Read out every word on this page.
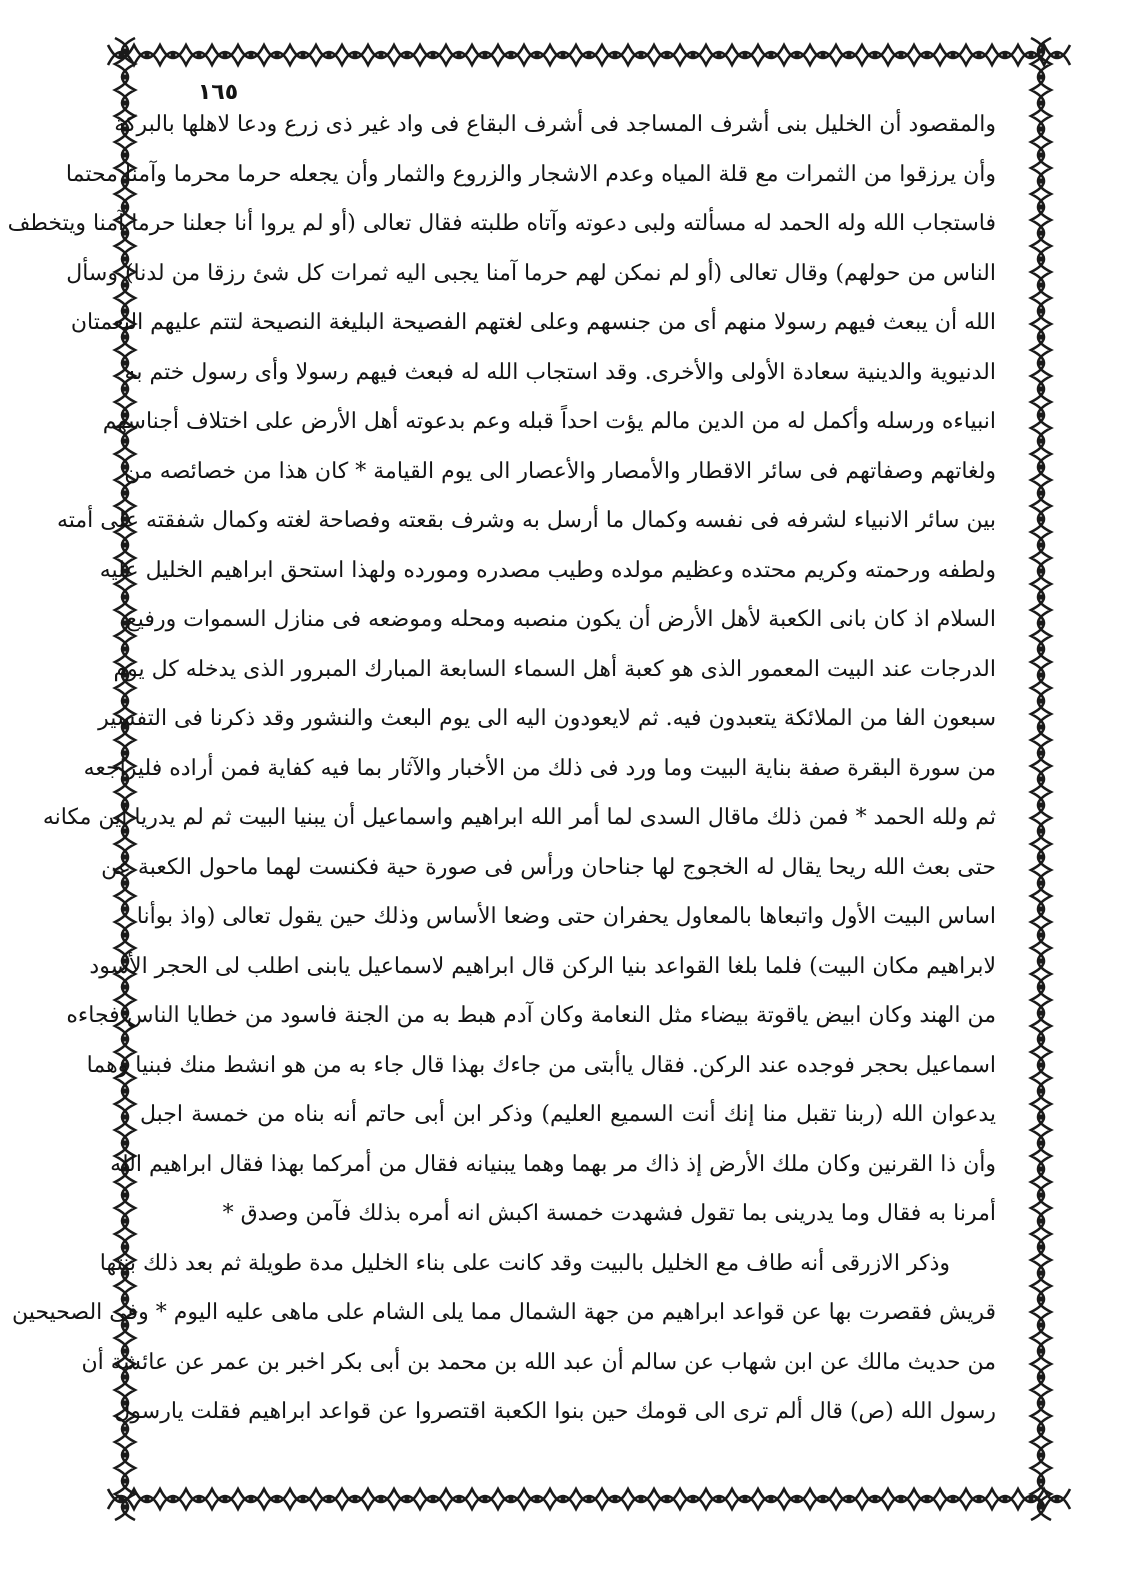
١٦٥
والمقصود أن الخليل بنى أشرف المساجد فى أشرف البقاع فى واد غير ذى زرع ودعا لاهلها بالبركة
وأن يرزقوا من الثمرات مع قلة المياه وعدم الاشجار والزروع والثمار وأن يجعله حرما محرما وآمنا محتما
فاستجاب الله وله الحمد له مسألته ولبى دعوته وآتاه طلبته فقال تعالى (أو لم يروا أنا جعلنا حرما آمنا ويتخطف
الناس من حولهم) وقال تعالى (أو لم نمكن لهم حرما آمنا يجبى اليه ثمرات كل شئ رزقا من لدنا) وسأل
الله أن يبعث فيهم رسولا منهم أى من جنسهم وعلى لغتهم الفصيحة البليغة النصيحة لتتم عليهم النعمتان
الدنيوية والدينية سعادة الأولى والأخرى. وقد استجاب الله له فبعث فيهم رسولا وأى رسول ختم به
انبياءه ورسله وأكمل له من الدين مالم يؤت احداً قبله وعم بدعوته أهل الأرض على اختلاف أجناسهم
ولغاتهم وصفاتهم فى سائر الاقطار والأمصار والأعصار الى يوم القيامة * كان هذا من خصائصه من
بين سائر الانبياء لشرفه فى نفسه وكمال ما أرسل به وشرف بقعته وفصاحة لغته وكمال شفقته على أمته
ولطفه ورحمته وكريم محتده وعظيم مولده وطيب مصدره ومورده ولهذا استحق ابراهيم الخليل عليه
السلام اذ كان بانى الكعبة لأهل الأرض أن يكون منصبه ومحله وموضعه فى منازل السموات ورفيع
الدرجات عند البيت المعمور الذى هو كعبة أهل السماء السابعة المبارك المبرور الذى يدخله كل يوم
سبعون الفا من الملائكة يتعبدون فيه. ثم لايعودون اليه الى يوم البعث والنشور وقد ذكرنا فى التفسير
من سورة البقرة صفة بناية البيت وما ورد فى ذلك من الأخبار والآثار بما فيه كفاية فمن أراده فليراجعه
ثم ولله الحمد * فمن ذلك ماقال السدى لما أمر الله ابراهيم واسماعيل أن يبنيا البيت ثم لم يدريا اين مكانه
حتى بعث الله ريحا يقال له الخجوج لها جناحان ورأس فى صورة حية فكنست لهما ماحول الكعبة عن
اساس البيت الأول واتبعاها بالمعاول يحفران حتى وضعا الأساس وذلك حين يقول تعالى (واذ بوأنا
لابراهيم مكان البيت) فلما بلغا القواعد بنيا الركن قال ابراهيم لاسماعيل يابنى اطلب لى الحجر الأسود
من الهند وكان ابيض ياقوتة بيضاء مثل النعامة وكان آدم هبط به من الجنة فاسود من خطايا الناس فجاءه
اسماعيل بحجر فوجده عند الركن. فقال ياأبتى من جاءك بهذا قال جاء به من هو انشط منك فبنيا وهما
يدعوان الله (ربنا تقبل منا إنك أنت السميع العليم) وذكر ابن أبى حاتم أنه بناه من خمسة اجبل
وأن ذا القرنين وكان ملك الأرض إذ ذاك مر بهما وهما يبنيانه فقال من أمركما بهذا فقال ابراهيم الله
أمرنا به فقال وما يدرينى بما تقول فشهدت خمسة اكبش انه أمره بذلك فآمن وصدق *
وذكر الازرقى أنه طاف مع الخليل بالبيت وقد كانت على بناء الخليل مدة طويلة ثم بعد ذلك بنتها
قريش فقصرت بها عن قواعد ابراهيم من جهة الشمال مما يلى الشام على ماهى عليه اليوم * وفى الصحيحين
من حديث مالك عن ابن شهاب عن سالم أن عبد الله بن محمد بن أبى بكر اخبر بن عمر عن عائشة أن
رسول الله (ص) قال ألم ترى الى قومك حين بنوا الكعبة اقتصروا عن قواعد ابراهيم فقلت يارسول
